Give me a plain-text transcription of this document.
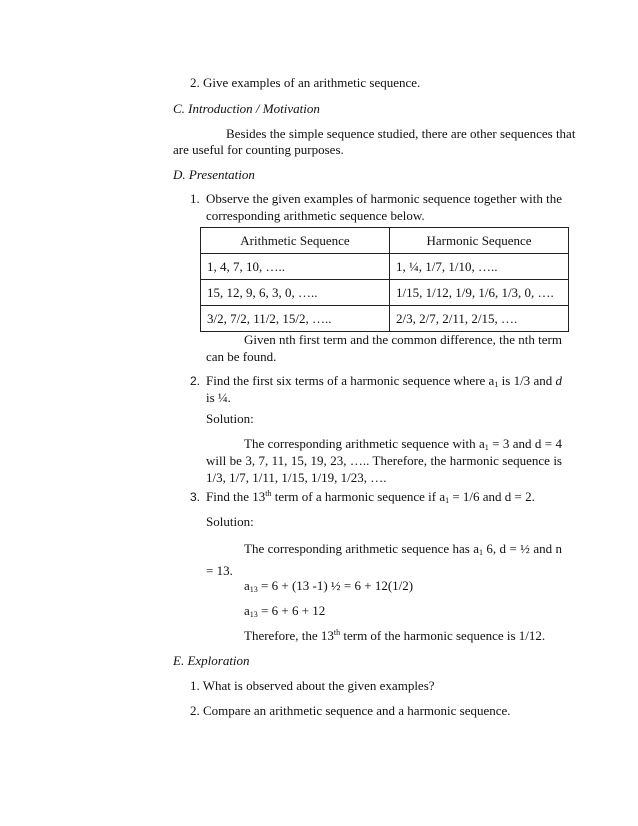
2. Give examples of an arithmetic sequence.
C. Introduction / Motivation
Besides the simple sequence studied, there are other sequences that
are useful for counting purposes.
D. Presentation
1. Observe the given examples of harmonic sequence together with the corresponding arithmetic sequence below.
Arithmetic Sequence	Harmonic Sequence
1, 4, 7, 10, …..	1, ¼, 1/7, 1/10, …..
15, 12, 9, 6, 3, 0, …..	1/15, 1/12, 1/9, 1/6, 1/3, 0, ….
3/2, 7/2, 11/2, 15/2, …..	2/3, 2/7, 2/11, 2/15, ….
Given nth first term and the common difference, the nth term can be found.
2. Find the first six terms of a harmonic sequence where $a_1$ is 1/3 and d is ¼.
Solution:
The corresponding arithmetic sequence with $a_1 = 3$ and d = 4 will be 3, 7, 11, 15, 19, 23, ….. Therefore, the harmonic sequence is 1/3, 1/7, 1/11, 1/15, 1/19, 1/23, ….
3. Find the 13th term of a harmonic sequence if $a_1 = 1/6$ and d = 2.
Solution:
The corresponding arithmetic sequence has $a_1$ 6, d = ½ and n = 13.
$a_{13} = 6 + (13$ -1) ½ = 6 + 12(1/2)
$a_{13} = 6 + 6 + 12$
Therefore, the 13th term of the harmonic sequence is 1/12.
E. Exploration
1. What is observed about the given examples?
2. Compare an arithmetic sequence and a harmonic sequence.
